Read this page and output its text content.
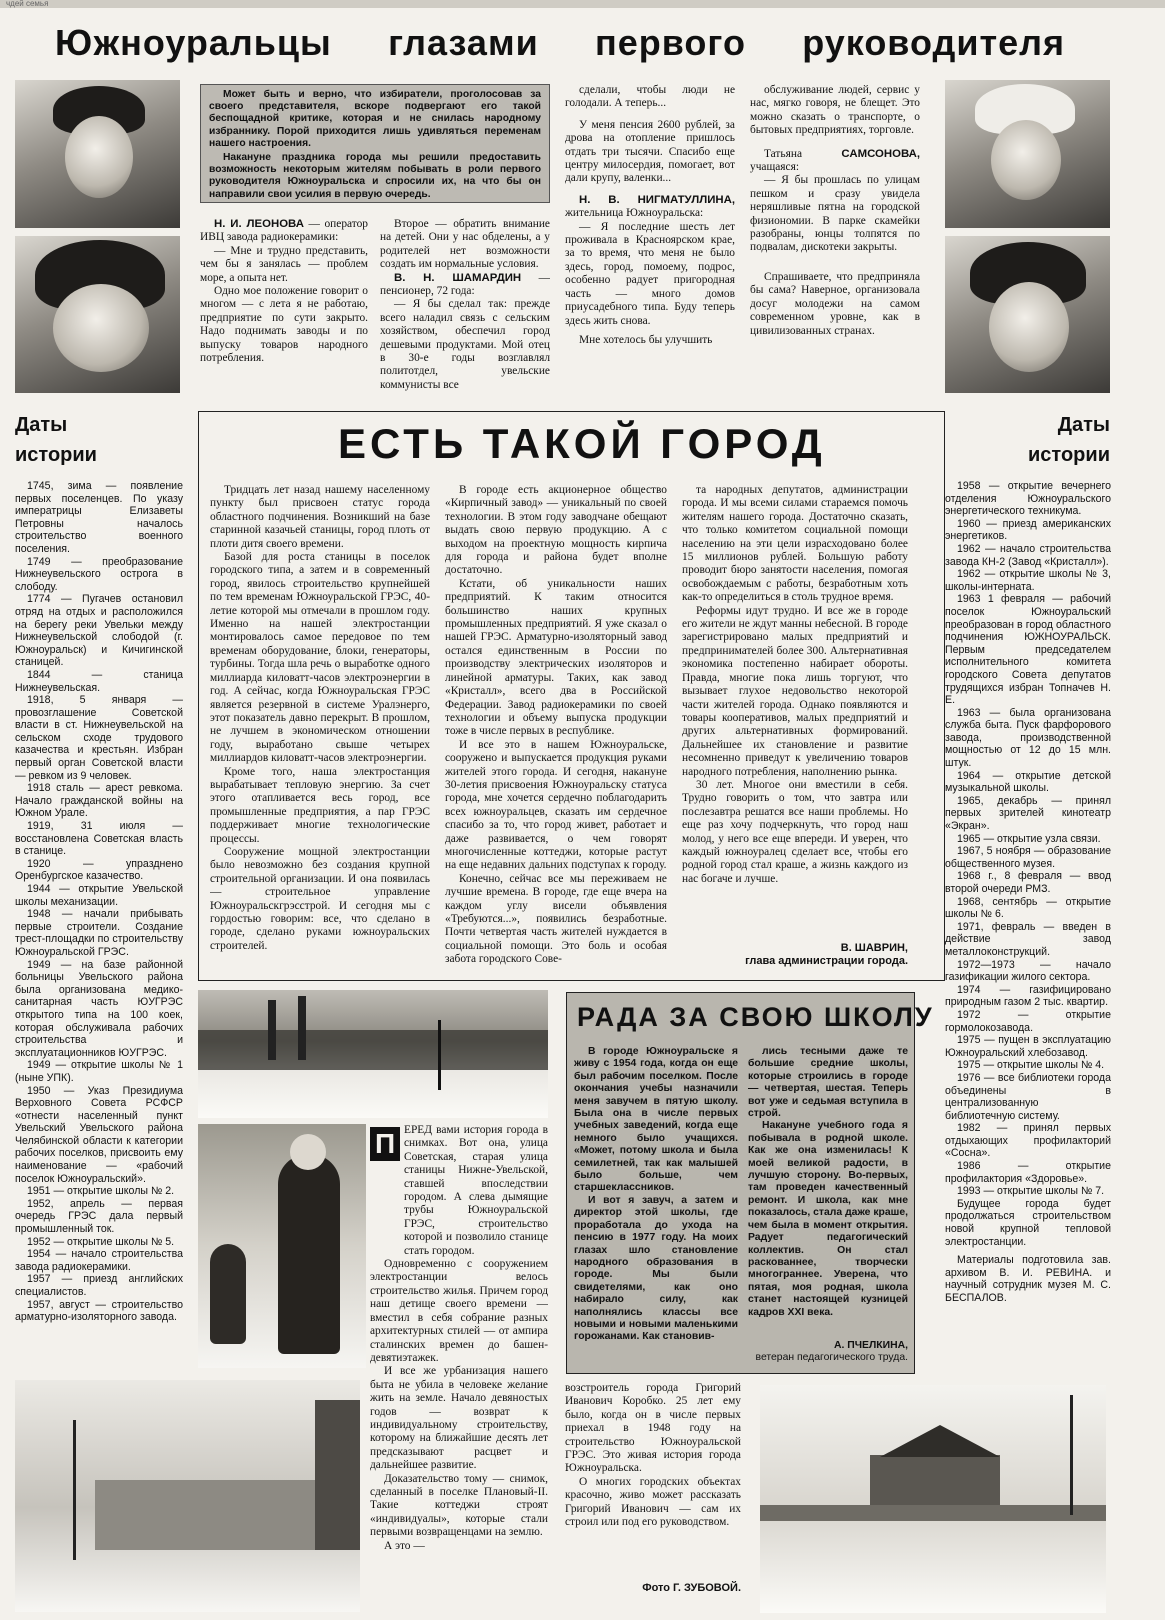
чдей семья
Южноуральцы глазами первого руководителя

Может быть и верно, что избиратели, проголосовав за своего представителя, вскоре подвергают его такой беспощадной критике, которая и не снилась народному избраннику. Порой приходится лишь удивляться переменам нашего настроения.

Накануне праздника города мы решили предоставить возможность некоторым жителям побывать в роли первого руководителя Южноуральска и спросили их, на что бы он направили свои усилия в первую очередь.

Н. И. ЛЕОНОВА — оператор ИВЦ завода радиокерамики:

— Мне и трудно представить, чем бы я занялась — проблем море, а опыта нет.

Одно мое положение говорит о многом — с лета я не работаю, предприятие по сути закрыто. Надо поднимать заводы и по выпуску товаров народного потребления.

Второе — обратить внимание на детей. Они у нас обделены, а у родителей нет возможности создать им нормальные условия.

В. Н. ШАМАРДИН — пенсионер, 72 года:

— Я бы сделал так: прежде всего наладил связь с сельским хозяйством, обеспечил город дешевыми продуктами. Мой отец в 30-е годы возглавлял политотдел, увельские коммунисты все

сделали, чтобы люди не голодали. А теперь...

У меня пенсия 2600 рублей, за дрова на отопление пришлось отдать три тысячи. Спасибо еще центру милосердия, помогает, вот дали крупу, валенки...

Н. В. НИГМАТУЛЛИНА, жительница Южноуральска:

— Я последние шесть лет проживала в Красноярском крае, за то время, что меня не было здесь, город, помоему, подрос, особенно радует пригородная часть — много домов приусадебного типа. Буду теперь здесь жить снова.

Мне хотелось бы улучшить

обслуживание людей, сервис у нас, мягко говоря, не блещет. Это можно сказать о транспорте, о бытовых предприятиях, торговле.

Татьяна САМСОНОВА, учащаяся:

— Я бы прошлась по улицам пешком и сразу увидела неряшливые пятна на городской физиономии. В парке скамейки разобраны, юнцы толпятся по подвалам, дискотеки закрыты.

Спрашиваете, что предприняла бы сама? Наверное, организовала досуг молодежи на самом современном уровне, как в цивилизованных странах.

Даты
истории

1745, зима — появление первых поселенцев. По указу императрицы Елизаветы Петровны началось строительство военного поселения.

1749 — преобразование Нижнеувельского острога в слободу.

1774 — Пугачев остановил отряд на отдых и расположился на берегу реки Увельки между Нижнеувельской слободой (г. Южноуральск) и Кичигинской станицей.

1844 — станица Нижнеувельская.

1918, 5 января — провозглашение Советской власти в ст. Нижнеувельской на сельском сходе трудового казачества и крестьян. Избран первый орган Советской власти — ревком из 9 человек.

1918 сталь — арест ревкома. Начало гражданской войны на Южном Урале.

1919, 31 июля — восстановлена Советская власть в станице.

1920 — упразднено Оренбургское казачество.

1944 — открытие Увельской школы механизации.

1948 — начали прибывать первые строители. Создание трест-площадки по строительству Южноуральской ГРЭС.

1949 — на базе районной больницы Увельского района была организована медико-санитарная часть ЮУГРЭС открытого типа на 100 коек, которая обслуживала рабочих строительства и эксплуатационников ЮУГРЭС.

1949 — открытие школы № 1 (ныне УПК).

1950 — Указ Президиума Верховного Совета РСФСР «отнести населенный пункт Увельский Увельского района Челябинской области к категории рабочих поселков, присвоить ему наименование — «рабочий поселок Южноуральский».

1951 — открытие школы № 2.

1952, апрель — первая очередь ГРЭС дала первый промышленный ток.

1952 — открытие школы № 5.

1954 — начало строительства завода радиокерамики.

1957 — приезд английских специалистов.

1957, август — строительство арматурно-изоляторного завода.

Даты
истории

1958 — открытие вечернего отделения Южноуральского энергетического техникума.

1960 — приезд американских энергетиков.

1962 — начало строительства завода КН-2 (Завод «Кристалл»).

1962 — открытие школы № 3, школы-интерната.

1963 1 февраля — рабочий поселок Южноуральский преобразован в город областного подчинения ЮЖНОУРАЛЬСК. Первым председателем исполнительного комитета городского Совета депутатов трудящихся избран Топначев Н. Е.

1963 — была организована служба быта. Пуск фарфорового завода, производственной мощностью от 12 до 15 млн. штук.

1964 — открытие детской музыкальной школы.

1965, декабрь — принял первых зрителей кинотеатр «Экран».

1965 — открытие узла связи.

1967, 5 ноября — образование общественного музея.

1968 г., 8 февраля — ввод второй очереди РМЗ.

1968, сентябрь — открытие школы № 6.

1971, февраль — введен в действие завод металлоконструкций.

1972—1973 — начало газификации жилого сектора.

1974 — газифицировано природным газом 2 тыс. квартир.

1972 — открытие гормолокозавода.

1975 — пущен в эксплуатацию Южноуральский хлебозавод.

1975 — открытие школы № 4.

1976 — все библиотеки города объединены в централизованную библиотечную систему.

1982 — принял первых отдыхающих профилакторий «Сосна».

1986 — открытие профилактория «Здоровье».

1993 — открытие школы № 7.

Будущее города будет продолжаться строительством новой крупной тепловой электростанции.

Материалы подготовила зав. архивом В. И. РЕВИНА. и научный сотрудник музея М. С. БЕСПАЛОВ.

ЕСТЬ ТАКОЙ ГОРОД

Тридцать лет назад нашему населенному пункту был присвоен статус города областного подчинения. Возникший на базе старинной казачьей станицы, город плоть от плоти дитя своего времени.

Базой для роста станицы в поселок городского типа, а затем и в современный город, явилось строительство крупнейшей по тем временам Южноуральской ГРЭС, 40-летие которой мы отмечали в прошлом году. Именно на нашей электростанции монтировалось самое передовое по тем временам оборудование, блоки, генераторы, турбины. Тогда шла речь о выработке одного миллиарда киловатт-часов электроэнергии в год. А сейчас, когда Южноуральская ГРЭС является резервной в системе Уралэнерго, этот показатель давно перекрыт. В прошлом, не лучшем в экономическом отношении году, выработано свыше четырех миллиардов киловатт-часов электроэнергии.

Кроме того, наша электростанция вырабатывает тепловую энергию. За счет этого отапливается весь город, все промышленные предприятия, а пар ГРЭС поддерживает многие технологические процессы.

Сооружение мощной электростанции было невозможно без создания крупной строительной организации. И она появилась — строительное управление Южноуральскгрэсстрой. И сегодня мы с гордостью говорим: все, что сделано в городе, сделано руками южноуральских строителей.

В городе есть акционерное общество «Кирпичный завод» — уникальный по своей технологии. В этом году заводчане обещают выдать свою первую продукцию. А с выходом на проектную мощность кирпича для города и района будет вполне достаточно.

Кстати, об уникальности наших предприятий. К таким относится большинство наших крупных промышленных предприятий. Я уже сказал о нашей ГРЭС. Арматурно-изоляторный завод остался единственным в России по производству электрических изоляторов и линейной арматуры. Таких, как завод «Кристалл», всего два в Российской Федерации. Завод радиокерамики по своей технологии и объему выпуска продукции тоже в числе первых в республике.

И все это в нашем Южноуральске, сооружено и выпускается продукция руками жителей этого города. И сегодня, накануне 30-летия присвоения Южноуральску статуса города, мне хочется сердечно поблагодарить всех южноуральцев, сказать им сердечное спасибо за то, что город живет, работает и даже развивается, о чем говорят многочисленные коттеджи, которые растут на еще недавних дальних подступах к городу.

Конечно, сейчас все мы переживаем не лучшие времена. В городе, где еще вчера на каждом углу висели объявления «Требуются...», появились безработные. Почти четвертая часть жителей нуждается в социальной помощи. Это боль и особая забота городского Сове-

та народных депутатов, администрации города. И мы всеми силами стараемся помочь жителям нашего города. Достаточно сказать, что только комитетом социальной помощи населению на эти цели израсходовано более 15 миллионов рублей. Большую работу проводит бюро занятости населения, помогая освобождаемым с работы, безработным хоть как-то определиться в столь трудное время.

Реформы идут трудно. И все же в городе его жители не ждут манны небесной. В городе зарегистрировано малых предприятий и предпринимателей более 300. Альтернативная экономика постепенно набирает обороты. Правда, многие пока лишь торгуют, что вызывает глухое недовольство некоторой части жителей города. Однако появляются и товары кооперативов, малых предприятий и других альтернативных формирований. Дальнейшее их становление и развитие несомненно приведут к увеличению товаров народного потребления, наполнению рынка.

30 лет. Многое они вместили в себя. Трудно говорить о том, что завтра или послезавтра решатся все наши проблемы. Но еще раз хочу подчеркнуть, что город наш молод, у него все еще впереди. И уверен, что каждый южноуралец сделает все, чтобы его родной город стал краше, а жизнь каждого из нас богаче и лучше.

В. ШАВРИН,
глава администрации города.
П ЕРЕД вами история города в снимках. Вот она, улица Советская, старая улица станицы Нижне-Увельской, ставшей впоследствии городом. А слева дымящие трубы Южноуральской ГРЭС, строительство которой и позволило станице стать городом.

Одновременно с сооружением электростанции велось строительство жилья. Причем город наш детище своего времени — вместил в себя собрание разных архитектурных стилей — от ампира сталинских времен до башен-девятиэтажек.

И все же урбанизация нашего быта не убила в человеке желание жить на земле. Начало девяностых годов — возврат к индивидуальному строительству, которому на ближайшие десять лет предсказывают расцвет и дальнейшее развитие.

Доказательство тому — снимок, сделанный в поселке Плановый-II. Такие коттеджи строят «индивидуалы», которые стали первыми возвращенцами на землю.

А это —

возстроитель города Григорий Иванович Коробко. 25 лет ему было, когда он в числе первых приехал в 1948 году на строительство Южноуральской ГРЭС. Это живая история города Южноуральска.

О многих городских объектах красочно, живо может рассказать Григорий Иванович — сам их строил или под его руководством.

Фото Г. ЗУБОВОЙ.
РАДА ЗА СВОЮ ШКОЛУ

В городе Южноуральске я живу с 1954 года, когда он еще был рабочим поселком. После окончания учебы назначили меня завучем в пятую школу. Была она в числе первых учебных заведений, когда еще немного было учащихся. «Может, потому школа и была семилетней, так как малышей было больше, чем старшеклассников.

И вот я завуч, а затем и директор этой школы, где проработала до ухода на пенсию в 1977 году. На моих глазах шло становление народного образования в городе. Мы были свидетелями, как оно набирало силу, как наполнялись классы все новыми и новыми маленькими горожанами. Как становив-

лись тесными даже те большие средние школы, которые строились в городе — четвертая, шестая. Теперь вот уже и седьмая вступила в строй.

Накануне учебного года я побывала в родной школе. Как же она изменилась! К моей великой радости, в лучшую сторону. Во-первых, там проведен качественный ремонт. И школа, как мне показалось, стала даже краше, чем была в момент открытия. Радует педагогический коллектив. Он стал раскованнее, творчески многограннее. Уверена, что пятая, моя родная, школа станет настоящей кузницей кадров XXI века.

А. ПЧЕЛКИНА,
ветеран педагогического труда.
